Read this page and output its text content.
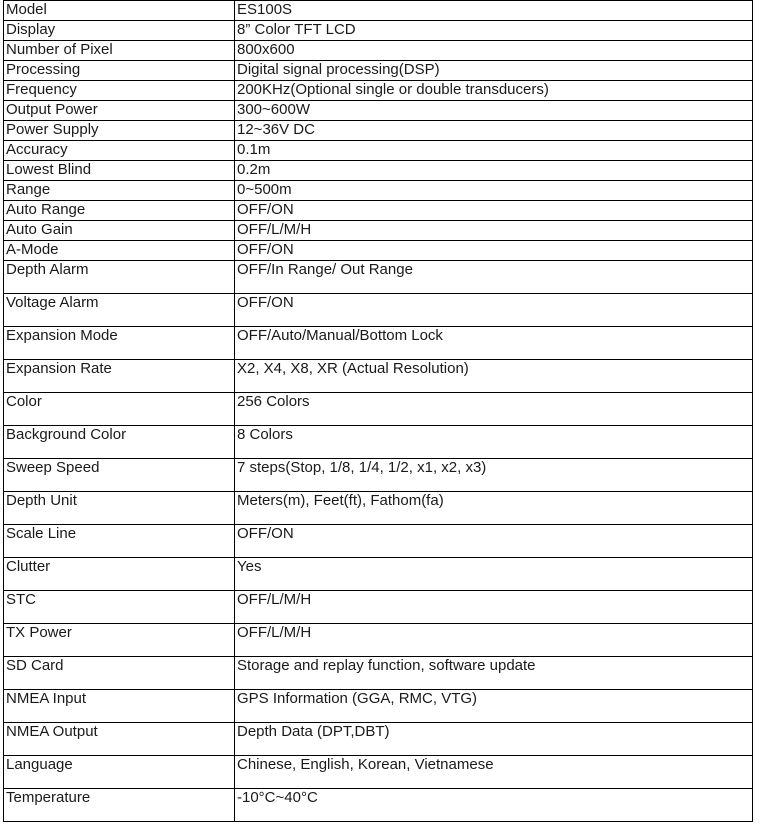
Model	ES100S
Display	8” Color TFT LCD
Number of Pixel	800x600
Processing	Digital signal processing(DSP)
Frequency	200KHz(Optional single or double transducers)
Output Power	300~600W
Power Supply	12~36V DC
Accuracy	0.1m
Lowest Blind	0.2m
Range	0~500m
Auto Range	OFF/ON
Auto Gain	OFF/L/M/H
A-Mode	OFF/ON
Depth Alarm	OFF/In Range/ Out Range
Voltage Alarm	OFF/ON
Expansion Mode	OFF/Auto/Manual/Bottom Lock
Expansion Rate	X2, X4, X8, XR (Actual Resolution)
Color	256 Colors
Background Color	8 Colors
Sweep Speed	7 steps(Stop, 1/8, 1/4, 1/2, x1, x2, x3)
Depth Unit	Meters(m), Feet(ft), Fathom(fa)
Scale Line	OFF/ON
Clutter	Yes
STC	OFF/L/M/H
TX Power	OFF/L/M/H
SD Card	Storage and replay function, software update
NMEA Input	GPS Information (GGA, RMC, VTG)
NMEA Output	Depth Data (DPT,DBT)
Language	Chinese, English, Korean, Vietnamese
Temperature	-10°C~40°C
